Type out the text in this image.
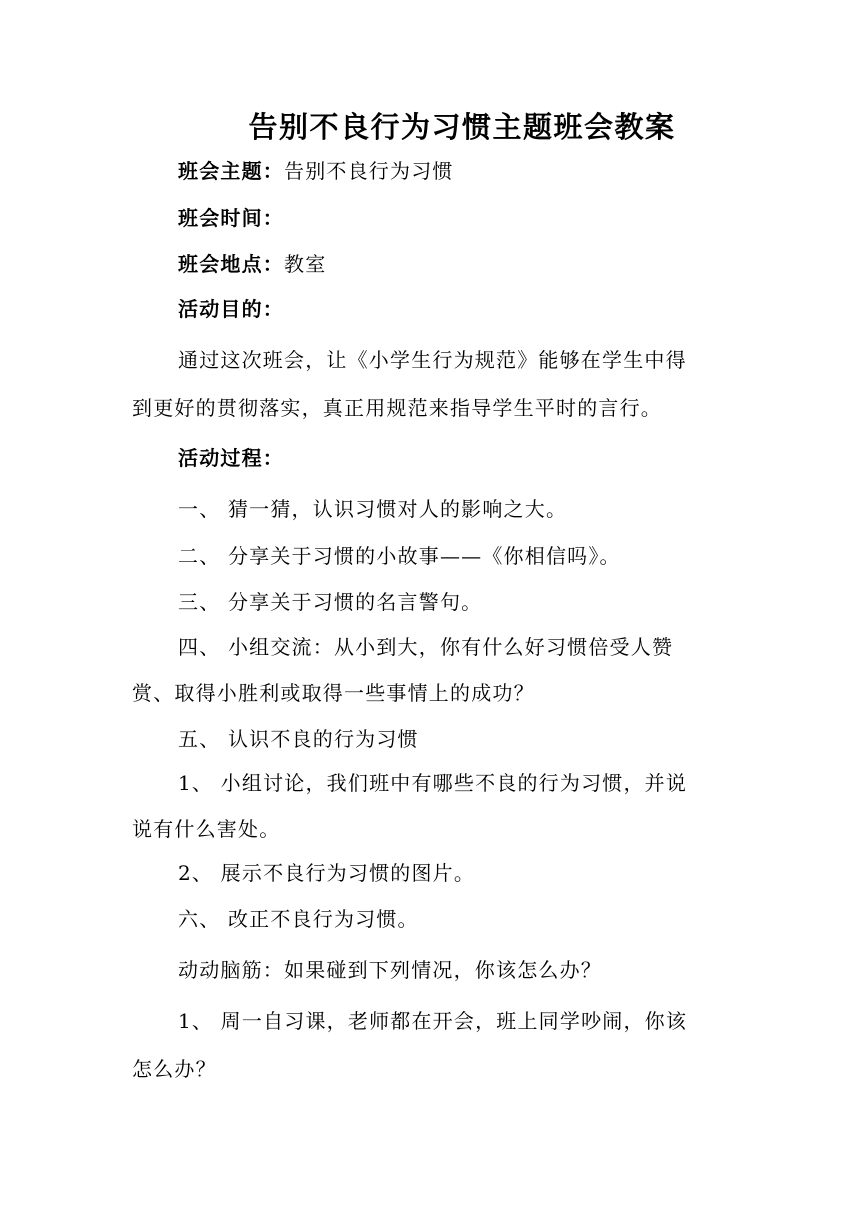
告别不良行为习惯主题班会教案
班会主题：告别不良行为习惯
班会时间：
班会地点：教室
活动目的：
通过这次班会，让《小学生行为规范》能够在学生中得
到更好的贯彻落实，真正用规范来指导学生平时的言行。
活动过程：
一、 猜一猜，认识习惯对人的影响之大。
二、 分享关于习惯的小故事——《你相信吗》。
三、 分享关于习惯的名言警句。
四、 小组交流：从小到大，你有什么好习惯倍受人赞
赏、取得小胜利或取得一些事情上的成功？
五、 认识不良的行为习惯
1、 小组讨论，我们班中有哪些不良的行为习惯，并说
说有什么害处。
2、 展示不良行为习惯的图片。
六、 改正不良行为习惯。
动动脑筋：如果碰到下列情况，你该怎么办？
1、 周一自习课，老师都在开会，班上同学吵闹，你该
怎么办？
